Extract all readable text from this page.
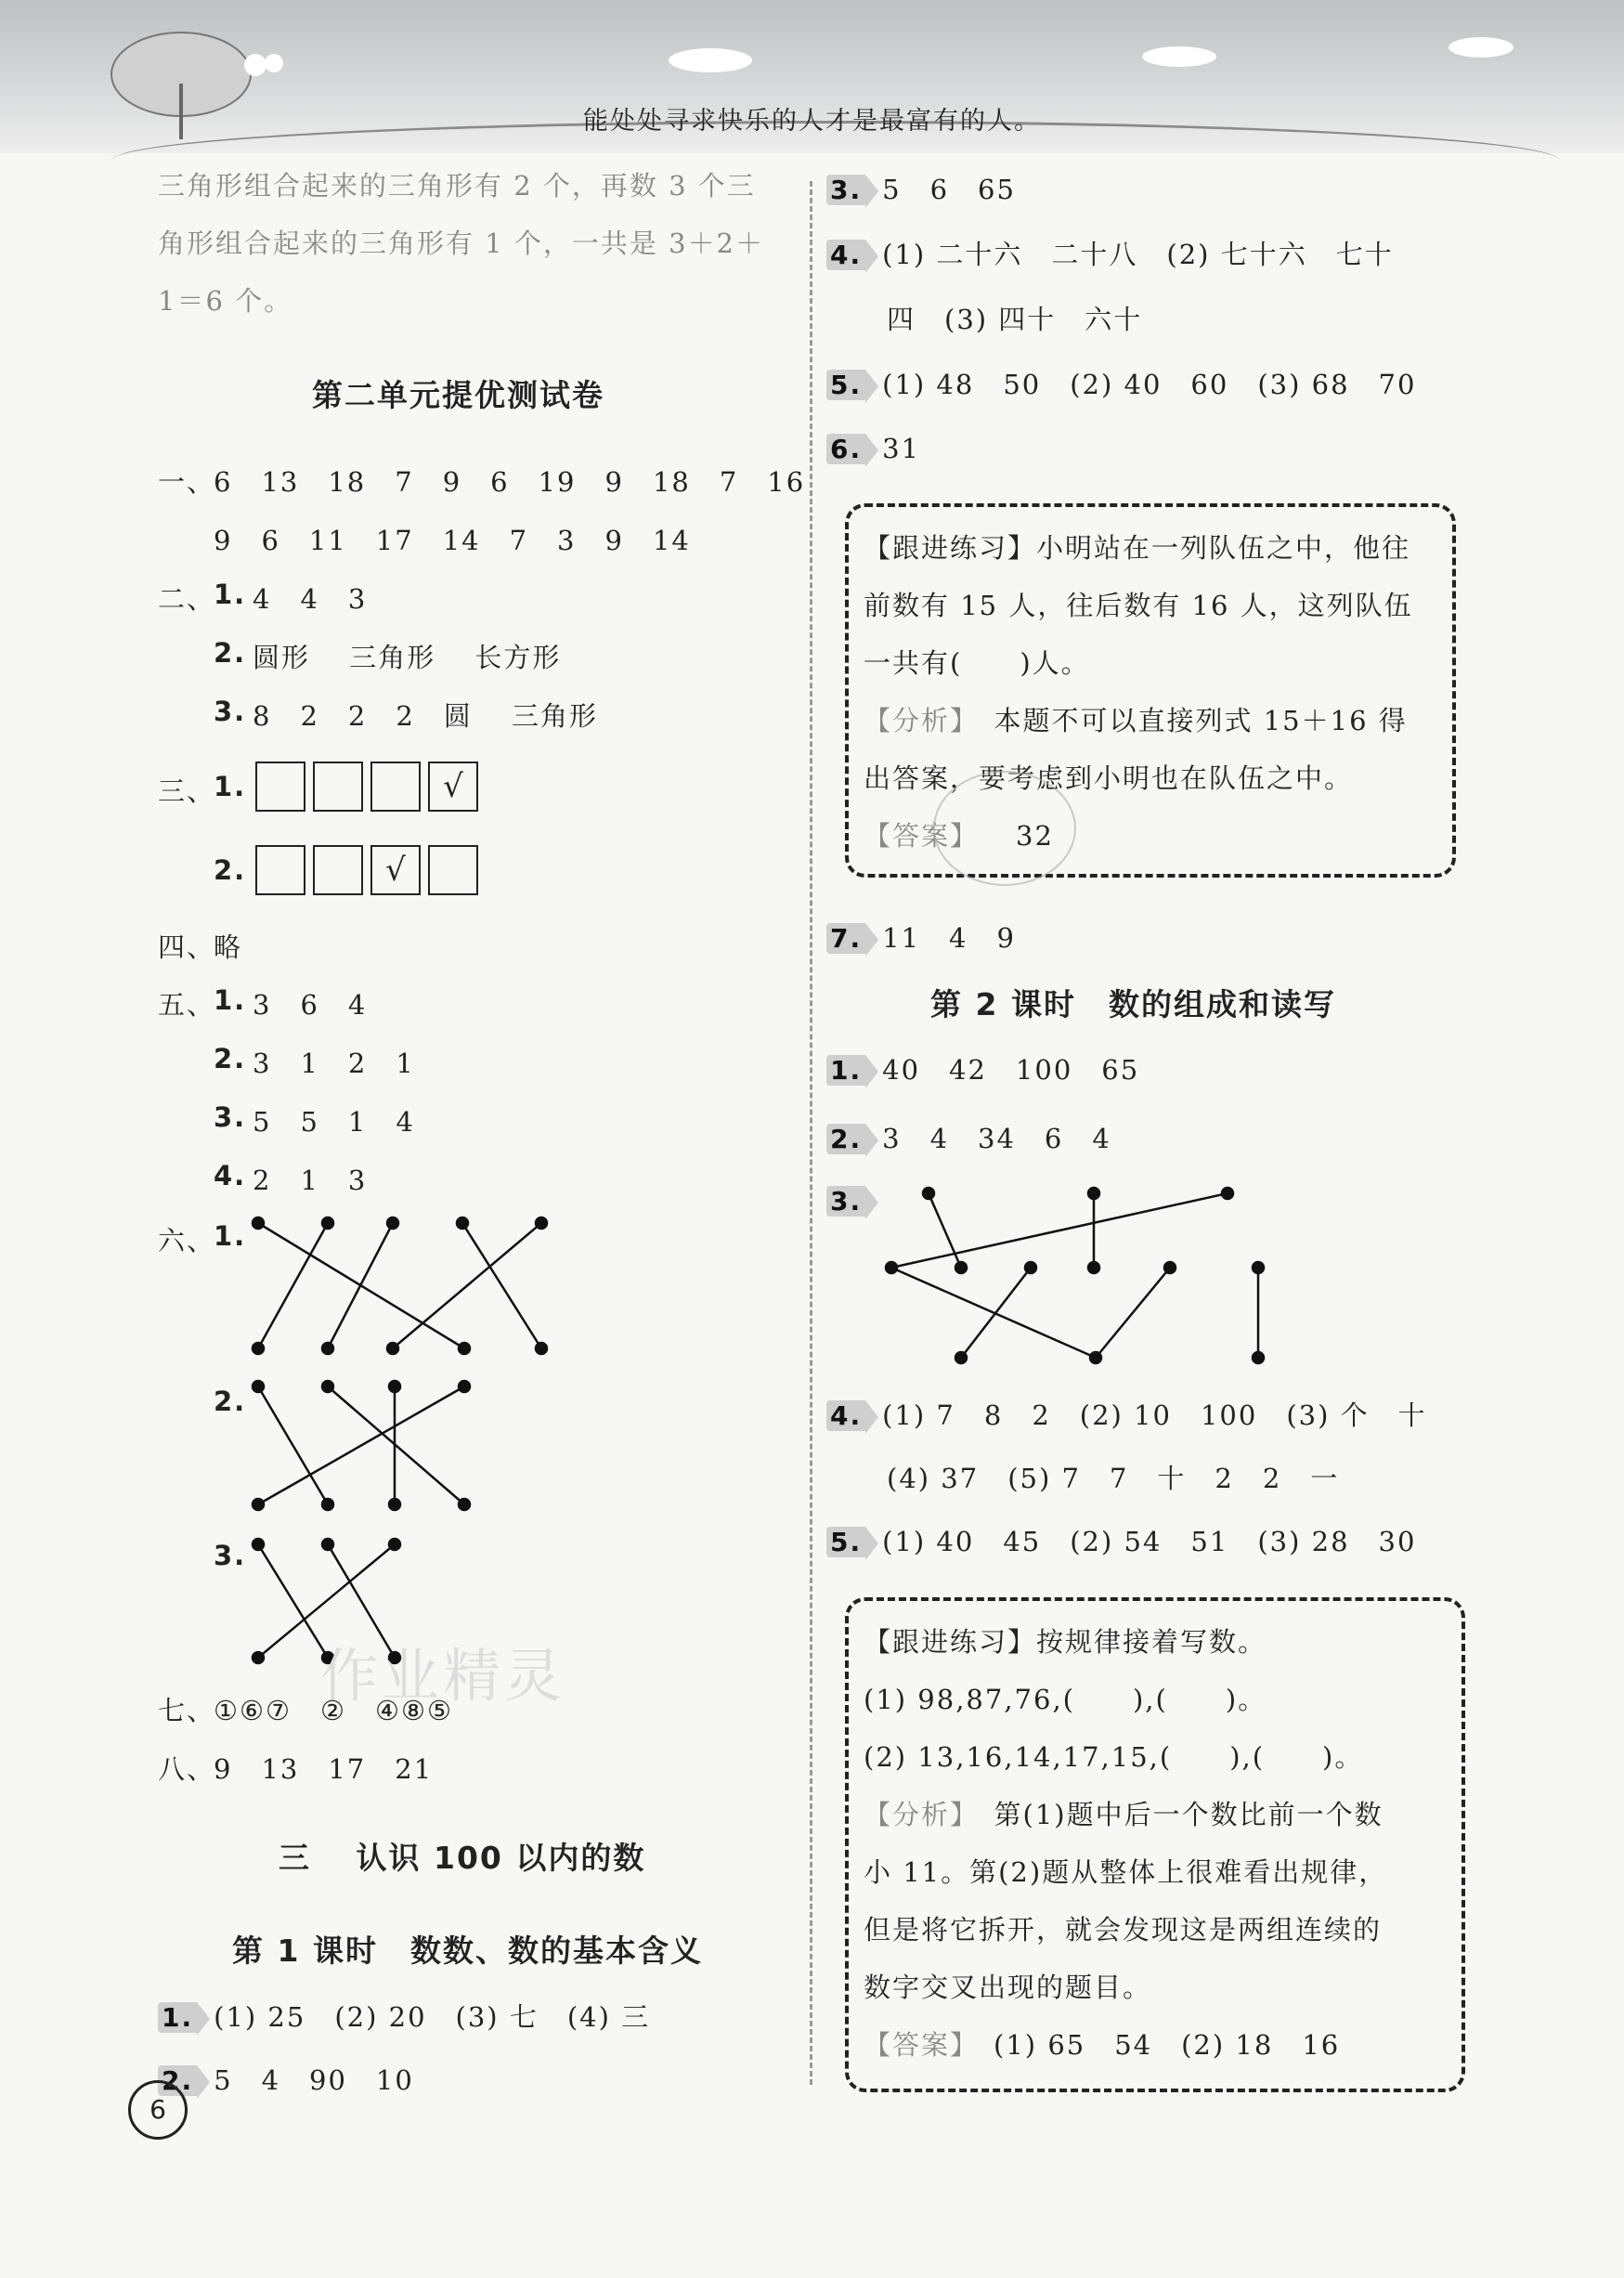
能处处寻求快乐的人才是最富有的人。
三角形组合起来的三角形有 2 个，再数 3 个三
角形组合起来的三角形有 1 个，一共是 3＋2＋
1＝6 个。
第二单元提优测试卷
一、
6　13　18　7　9　6　19　9　18　7　16
9　6　11　17　14　7　3　9　14
二、
1. 4　4　3
2. 圆形　 三角形　 长方形
3. 8　2　2　2　圆　 三角形
三、
1.	√
2.	√
四、
略
五、
1. 3　6　4
2. 3　1　2　1
3. 5　5　1　4
4. 2　1　3
六、
1.
2.
3.
作业精灵
七、
①⑥⑦　②　④⑧⑤
八、
9　13　17　21
三　 认识 100 以内的数
第 1 课时　数数、数的基本含义
1. (1) 25　(2) 20　(3) 七　(4) 三
2. 5　4　90　10
6
3. 5　6　65
4. (1) 二十六　二十八　(2) 七十六　七十
四　(3) 四十　六十
5. (1) 48　50　(2) 40　60　(3) 68　70
6. 31
【跟进练习】小明站在一列队伍之中，他往
前数有 15 人，往后数有 16 人，这列队伍
一共有(　　)人。
【分析】　本题不可以直接列式 15＋16 得
出答案，要考虑到小明也在队伍之中。
【答案】 32
7. 11　4　9
第 2 课时　数的组成和读写
1. 40　42　100　65
2. 3　4　34　6　4
3.
4. (1) 7　8　2　(2) 10　100　(3) 个　十
(4) 37　(5) 7　7　十　2　2　一
5. (1) 40　45　(2) 54　51　(3) 28　30
【跟进练习】按规律接着写数。
(1) 98,87,76,(　　),(　　)。
(2) 13,16,14,17,15,(　　),(　　)。
【分析】　第(1)题中后一个数比前一个数
小 11。第(2)题从整体上很难看出规律，
但是将它拆开，就会发现这是两组连续的
数字交叉出现的题目。
【答案】 (1) 65　54　(2) 18　16
